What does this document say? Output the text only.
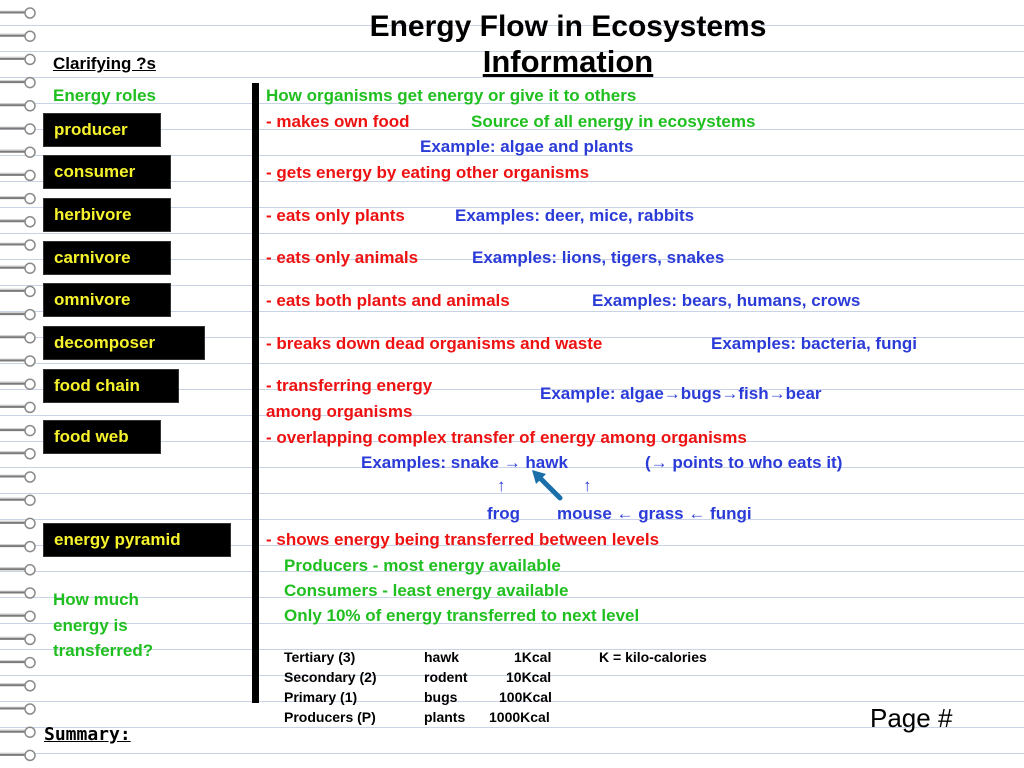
Energy Flow in Ecosystems
Information
Clarifying ?s
Energy roles
producer
consumer
herbivore
carnivore
omnivore
decomposer
food chain
food web
energy pyramid
How much
energy is
transferred?
How organisms get energy or give it to others
- makes own food	Source of all energy in ecosystems
Example: algae and plants
- gets energy by eating other organisms
- eats only plants	Examples: deer, mice, rabbits
- eats only animals	Examples: lions, tigers, snakes
- eats both plants and animals	Examples: bears, humans, crows
- breaks down dead organisms and waste	Examples: bacteria, fungi
- transferring energy
among organisms
Example: algae→bugs→fish→bear
- overlapping complex transfer of energy among organisms
Examples: snake → hawk	(→ points to who eats it)
↑	↑
frog mouse ← grass ← fungi
- shows energy being transferred between levels
Producers - most energy available
Consumers - least energy available
Only 10% of energy transferred to next level
Tertiary (3)	hawk	1Kcal
Secondary (2)	rodent	10Kcal
Primary (1)	bugs	100Kcal
Producers (P)	plants 1000Kcal
K = kilo-calories
Page #
Summary:
